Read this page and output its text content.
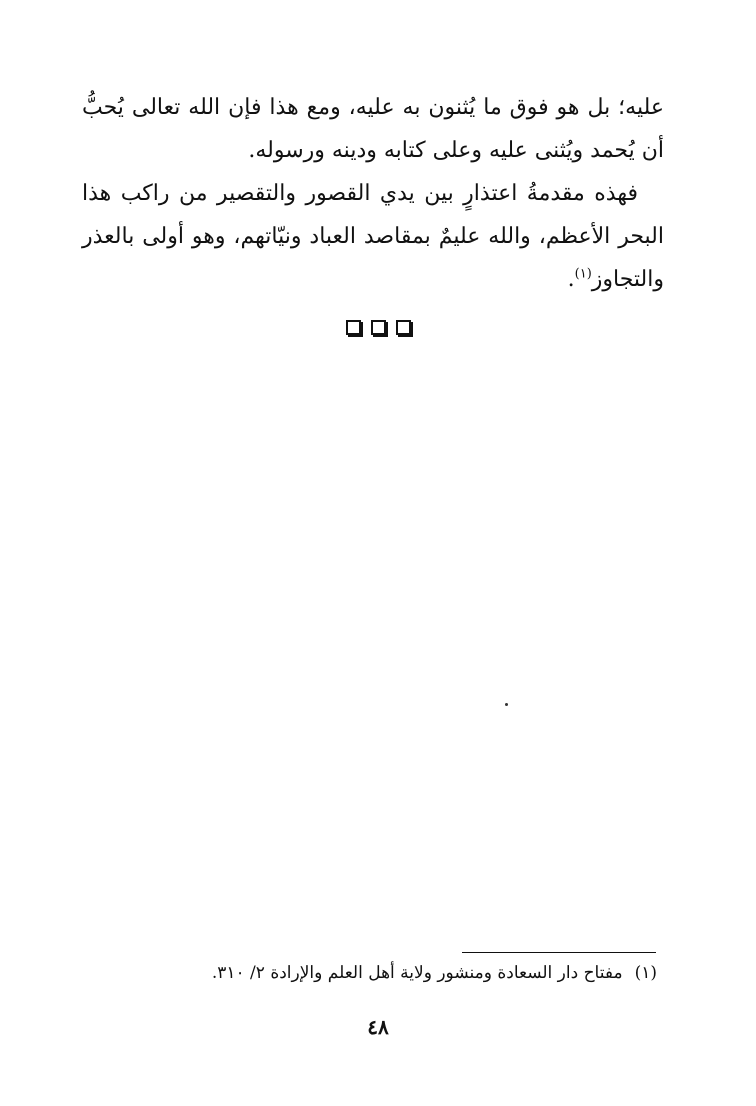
عليه؛ بل هو فوق ما يُثنون به عليه، ومع هذا فإن الله تعالى يُحبُّ أن يُحمد ويُثنى عليه وعلى كتابه ودينه ورسوله.

فهذه مقدمةُ اعتذارٍ بين يدي القصور والتقصير من راكب هذا البحر الأعظم، والله عليمٌ بمقاصد العباد ونيّاتهم، وهو أولى بالعذر والتجاوز$^{(١)}$.

(١)مفتاح دار السعادة ومنشور ولاية أهل العلم والإرادة ٢/ ٣١٠.
٤٨
